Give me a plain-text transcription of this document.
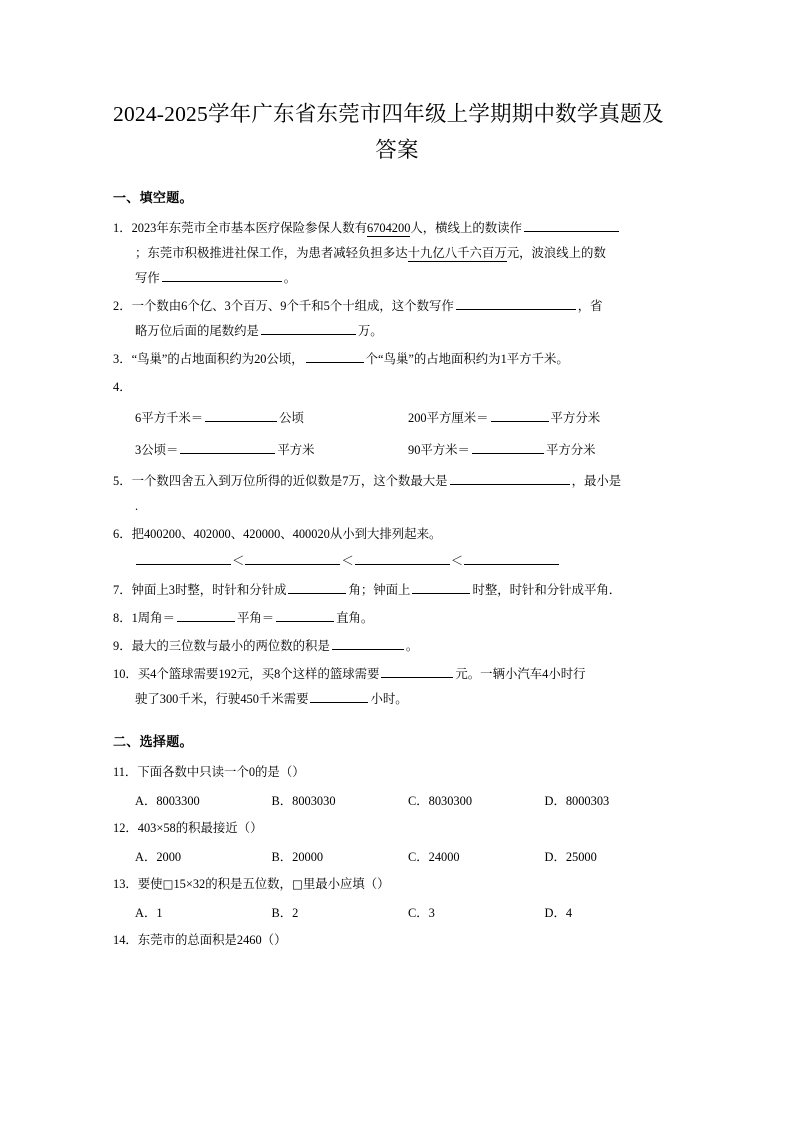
2024-2025学年广东省东莞市四年级上学期期中数学真题及
答案
一、填空题。
1．2023年东莞市全市基本医疗保险参保人数有6704200人，横线上的数读作
；东莞市积极推进社保工作，为患者减轻负担多达十九亿八千六百万元，波浪线上的数
写作	。
2．一个数由6个亿、3个百万、9个千和5个十组成，这个数写作	，省
略万位后面的尾数约是	万。
3．“鸟巢”的占地面积约为20公顷，	个“鸟巢”的占地面积约为1平方千米。
4．
6平方千米＝	公顷	200平方厘米＝	平方分米
3公顷＝	平方米	90平方米＝	平方分米
5．一个数四舍五入到万位所得的近似数是7万，这个数最大是	，最小是
.
6．把400200、402000、420000、400020从小到大排列起来。
＜	＜	＜
7．钟面上3时整，时针和分针成	角；钟面上	时整，时针和分针成平角．
8．1周角＝	平角＝	直角。
9．最大的三位数与最小的两位数的积是	。
10．买4个篮球需要192元，买8个这样的篮球需要	元。一辆小汽车4小时行
驶了300千米，行驶450千米需要	小时。
二、选择题。
11．下面各数中只读一个0的是（）
A．8003300	B．8003030	C．8030300	D．8000303
12．403×58的积最接近（）
A．2000	B．20000	C．24000	D．25000
13．要使□15×32的积是五位数，□里最小应填（）
A．1	B．2	C．3	D．4
14．东莞市的总面积是2460（）
